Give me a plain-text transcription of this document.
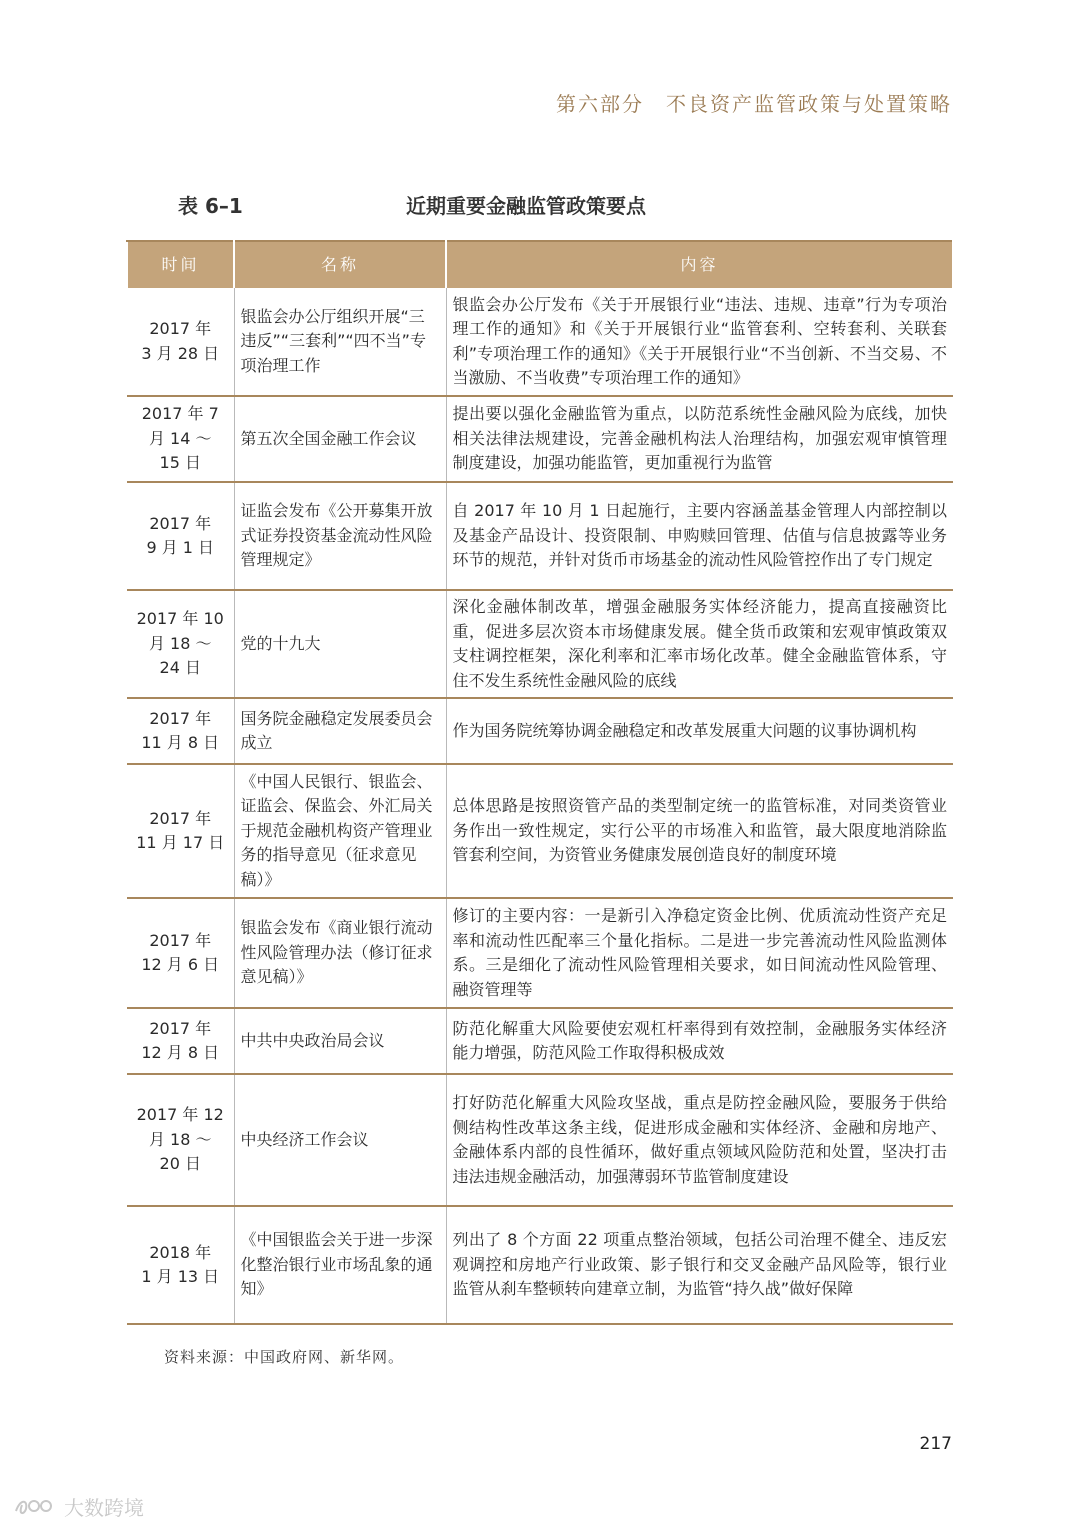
第六部分　不良资产监管政策与处置策略
表 6–1	近期重要金融监管政策要点
时间	名称	内容
2017 年
3 月 28 日	银监会办公厅组织开展“三违反”“三套利”“四不当”专项治理工作	银监会办公厅发布《关于开展银行业“违法、违规、违章”行为专项治理工作的通知》和《关于开展银行业“监管套利、空转套利、关联套利”专项治理工作的通知》《关于开展银行业“不当创新、不当交易、不当激励、不当收费”专项治理工作的通知》
2017 年 7
月 14 ～
15 日	第五次全国金融工作会议	提出要以强化金融监管为重点，以防范系统性金融风险为底线，加快相关法律法规建设，完善金融机构法人治理结构，加强宏观审慎管理制度建设，加强功能监管，更加重视行为监管
2017 年
9 月 1 日	证监会发布《公开募集开放式证券投资基金流动性风险管理规定》	自 2017 年 10 月 1 日起施行，主要内容涵盖基金管理人内部控制以及基金产品设计、投资限制、申购赎回管理、估值与信息披露等业务环节的规范，并针对货币市场基金的流动性风险管控作出了专门规定
2017 年 10
月 18 ～
24 日	党的十九大	深化金融体制改革，增强金融服务实体经济能力，提高直接融资比重，促进多层次资本市场健康发展。健全货币政策和宏观审慎政策双支柱调控框架，深化利率和汇率市场化改革。健全金融监管体系，守住不发生系统性金融风险的底线
2017 年
11 月 8 日	国务院金融稳定发展委员会成立	作为国务院统筹协调金融稳定和改革发展重大问题的议事协调机构
2017 年
11 月 17 日	《中国人民银行、银监会、证监会、保监会、外汇局关于规范金融机构资产管理业务的指导意见（征求意见稿）》	总体思路是按照资管产品的类型制定统一的监管标准，对同类资管业务作出一致性规定，实行公平的市场准入和监管，最大限度地消除监管套利空间，为资管业务健康发展创造良好的制度环境
2017 年
12 月 6 日	银监会发布《商业银行流动性风险管理办法（修订征求意见稿）》	修订的主要内容：一是新引入净稳定资金比例、优质流动性资产充足率和流动性匹配率三个量化指标。二是进一步完善流动性风险监测体系。三是细化了流动性风险管理相关要求，如日间流动性风险管理、融资管理等
2017 年
12 月 8 日	中共中央政治局会议	防范化解重大风险要使宏观杠杆率得到有效控制，金融服务实体经济能力增强，防范风险工作取得积极成效
2017 年 12
月 18 ～
20 日	中央经济工作会议	打好防范化解重大风险攻坚战，重点是防控金融风险，要服务于供给侧结构性改革这条主线，促进形成金融和实体经济、金融和房地产、金融体系内部的良性循环，做好重点领域风险防范和处置，坚决打击违法违规金融活动，加强薄弱环节监管制度建设
2018 年
1 月 13 日	《中国银监会关于进一步深化整治银行业市场乱象的通知》	列出了 8 个方面 22 项重点整治领域，包括公司治理不健全、违反宏观调控和房地产行业政策、影子银行和交叉金融产品风险等，银行业监管从刹车整顿转向建章立制，为监管“持久战”做好保障
资料来源：中国政府网、新华网。
217
大数跨境
